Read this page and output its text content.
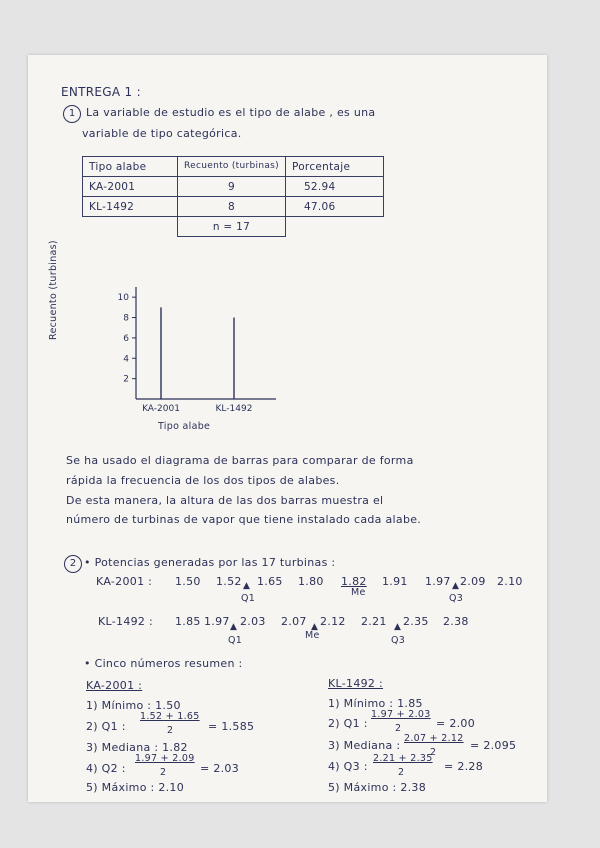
ENTREGA 1 :
1 La variable de estudio es el tipo de alabe , es una
variable de tipo categórica.
Tipo alabe	Recuento (turbinas)	Porcentaje
KA-2001	9	52.94
KL-1492	8	47.06
	n = 17	
10
8
6
4
2
KA-2001	KL-1492
Recuento (turbinas)
Tipo alabe
Se ha usado el diagrama de barras para comparar de forma
rápida la frecuencia de los dos tipos de alabes.
De esta manera, la altura de las dos barras muestra el
número de turbinas de vapor que tiene instalado cada alabe.
2 • Potencias generadas por las 17 turbinas :
KA-2001 : 1.50 1.52 1.65 1.80 1.82 1.91 1.97 2.09 2.10
▲
Q1
Me
▲
Q3
KL-1492 : 1.85 1.97 2.03 2.07 2.12 2.21 2.35 2.38
▲
Q1
▲
Me
▲
Q3
• Cinco números resumen :
KA-2001 :
1) Mínimo : 1.50
2) Q1 :
1.52 + 1.65
2	= 1.585
3) Mediana : 1.82
4) Q2 :
1.97 + 2.09
2	= 2.03
5) Máximo : 2.10
KL-1492 :
1) Mínimo : 1.85
2) Q1 :
1.97 + 2.03
2	= 2.00
3) Mediana :
2.07 + 2.12
2
= 2.095
4) Q3 :
2.21 + 2.35
2	= 2.28
5) Máximo : 2.38
